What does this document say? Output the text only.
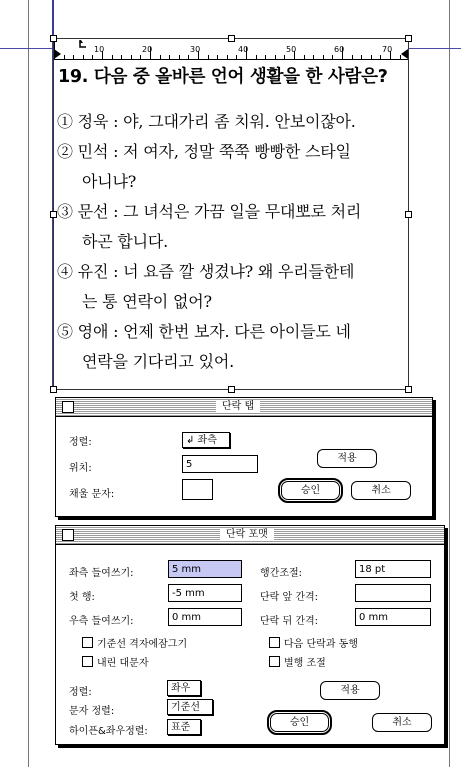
10	20	30	40	50	60	70
19. 다음 중 올바른 언어 생활을 한 사람은?
① 정욱 : 야, 그대가리 좀 치워. 안보이잖아.
② 민석 : 저 여자, 정말 쭉쭉 빵빵한 스타일
아니냐?
③ 문선 : 그 녀석은 가끔 일을 무대뽀로 처리
하곤 합니다.
④ 유진 : 너 요즘 깔 생겼냐? 왜 우리들한테
는 통 연락이 없어?
⑤ 영애 : 언제 한번 보자. 다른 아이들도 네
연락을 기다리고 있어.
단락 탭
정렬:	↲ 좌측
위치:	5
채울 문자:
적용
승인	취소
단락 포맷
좌측 들여쓰기:	5 mm
첫 행:	-5 mm
우측 들여쓰기:	0 mm
행간조절:	18 pt
단락 앞 간격:
단락 뒤 간격:	0 mm
기준선 격자에잠그기
내린 대문자
다음 단락과 동행
별행 조절
정렬:	좌우
문자 정렬:	기준선
하이픈&좌우정렬:	표준
적용
승인	취소
